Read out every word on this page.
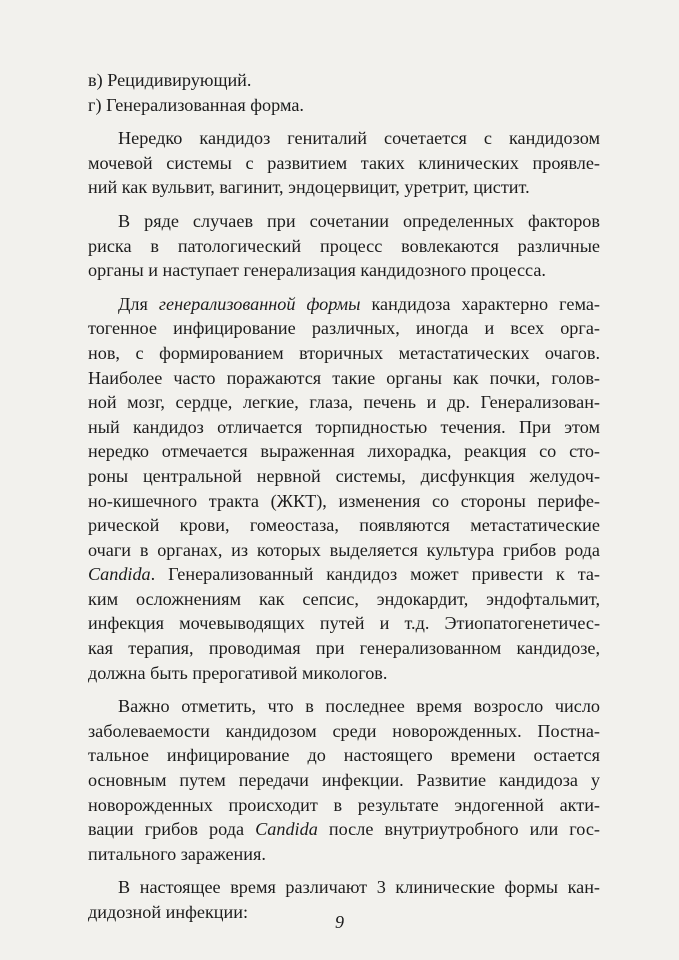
в) Рецидивирующий.
г) Генерализованная форма.
Нередко кандидоз гениталий сочетается с кандидозом
мочевой системы с развитием таких клинических проявле-
ний как вульвит, вагинит, эндоцервицит, уретрит, цистит.
В ряде случаев при сочетании определенных факторов
риска в патологический процесс вовлекаются различные
органы и наступает генерализация кандидозного процесса.
Для генерализованной формы кандидоза характерно гема-
тогенное инфицирование различных, иногда и всех орга-
нов, с формированием вторичных метастатических очагов.
Наиболее часто поражаются такие органы как почки, голов-
ной мозг, сердце, легкие, глаза, печень и др. Генерализован-
ный кандидоз отличается торпидностью течения. При этом
нередко отмечается выраженная лихорадка, реакция со сто-
роны центральной нервной системы, дисфункция желудоч-
но-кишечного тракта (ЖКТ), изменения со стороны перифе-
рической крови, гомеостаза, появляются метастатические
очаги в органах, из которых выделяется культура грибов рода
Candida. Генерализованный кандидоз может привести к та-
ким осложнениям как сепсис, эндокардит, эндофтальмит,
инфекция мочевыводящих путей и т.д. Этиопатогенетичес-
кая терапия, проводимая при генерализованном кандидозе,
должна быть прерогативой микологов.
Важно отметить, что в последнее время возросло число
заболеваемости кандидозом среди новорожденных. Постна-
тальное инфицирование до настоящего времени остается
основным путем передачи инфекции. Развитие кандидоза у
новорожденных происходит в результате эндогенной акти-
вации грибов рода Candida после внутриутробного или гос-
питального заражения.
В настоящее время различают 3 клинические формы кан-
дидозной инфекции:	9
